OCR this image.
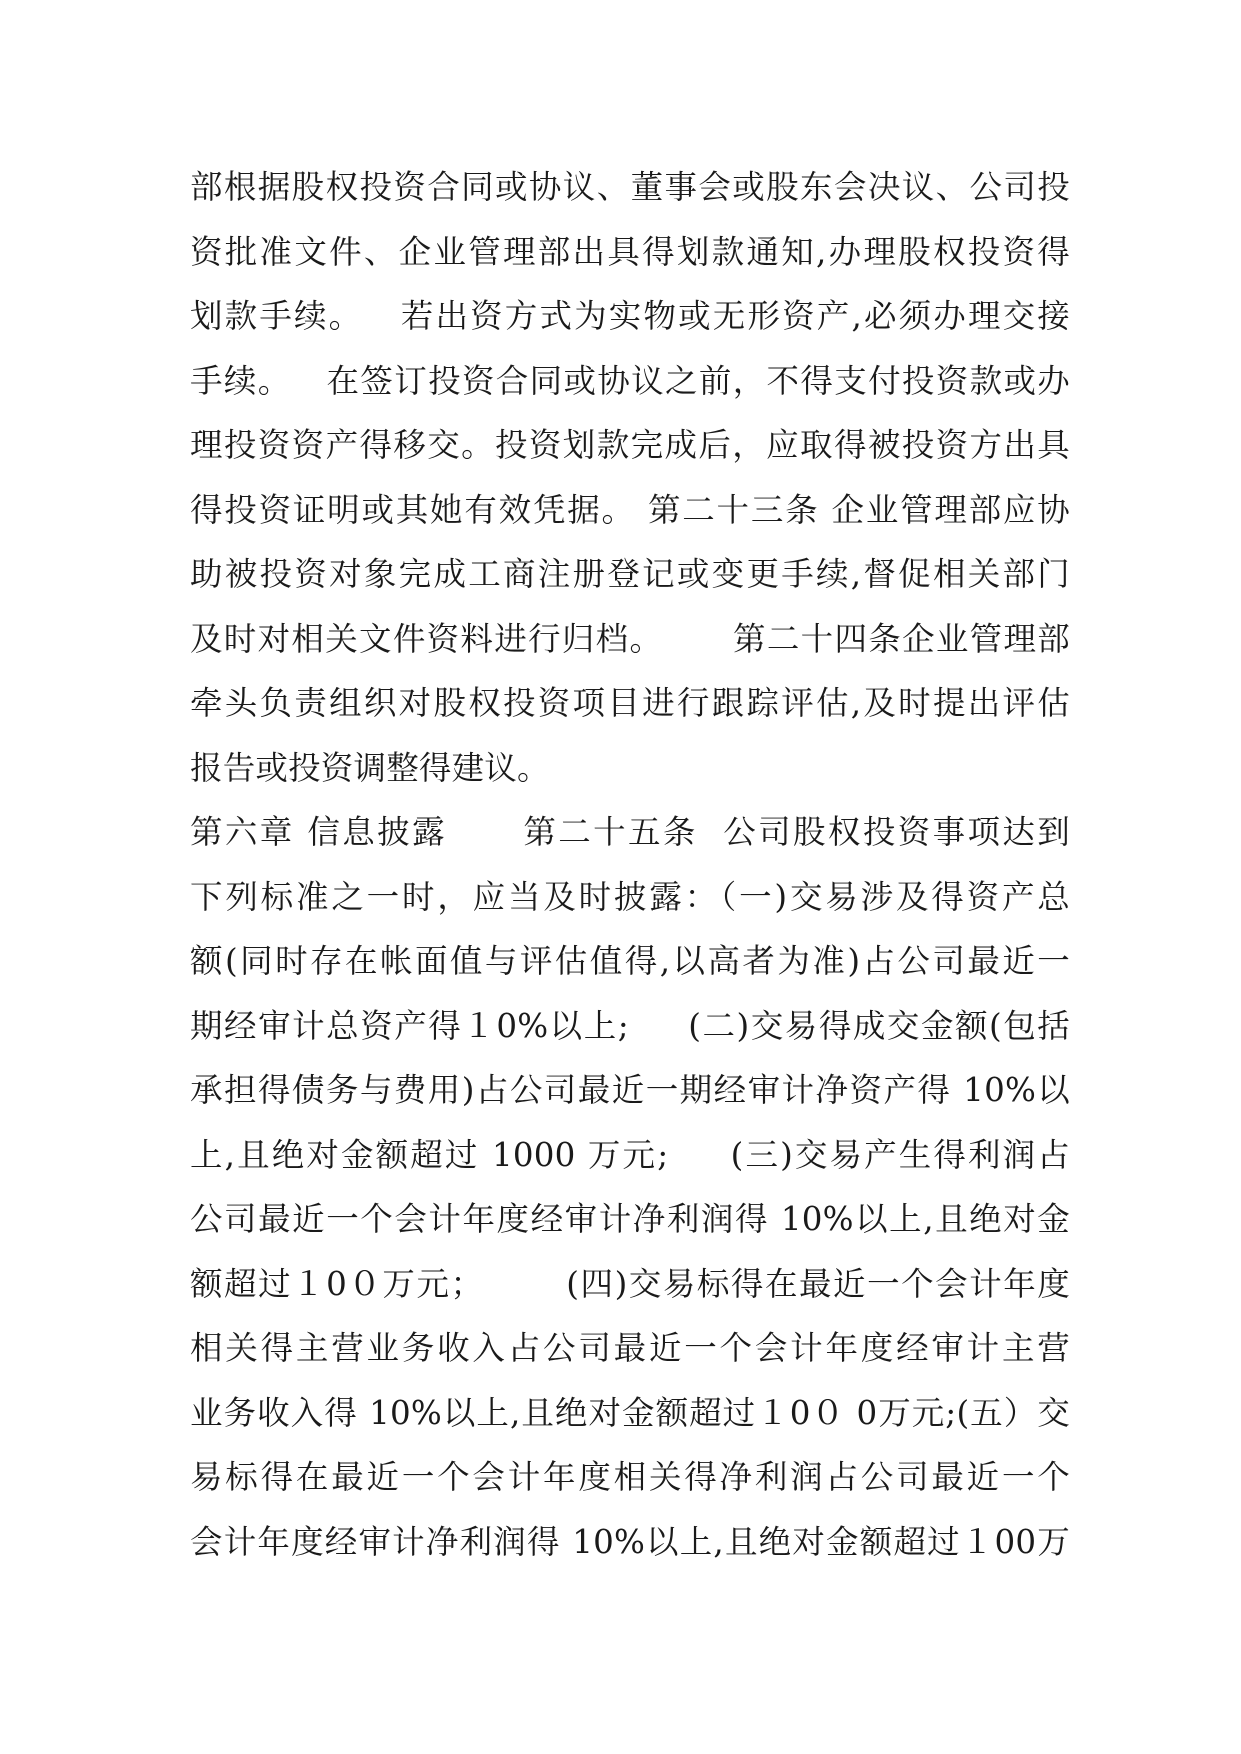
部根据股权投资合同或协议、董事会或股东会决议、公司投
资批准文件、企业管理部出具得划款通知,办理股权投资得
划款手续。   若出资方式为实物或无形资产,必须办理交接
手续。   在签订投资合同或协议之前，不得支付投资款或办
理投资资产得移交。投资划款完成后，应取得被投资方出具
得投资证明或其她有效凭据。 第二十三条 企业管理部应协
助被投资对象完成工商注册登记或变更手续,督促相关部门
及时对相关文件资料进行归档。      第二十四条企业管理部
牵头负责组织对股权投资项目进行跟踪评估,及时提出评估
报告或投资调整得建议。
第六章 信息披露      第二十五条  公司股权投资事项达到
下列标准之一时，应当及时披露：（一)交易涉及得资产总
额(同时存在帐面值与评估值得,以高者为准)占公司最近一
期经审计总资产得１0%以上;     (二)交易得成交金额(包括
承担得债务与费用)占公司最近一期经审计净资产得 10%以
上,且绝对金额超过 1000 万元;     (三)交易产生得利润占
公司最近一个会计年度经审计净利润得 10%以上,且绝对金
额超过１0０万元；       (四)交易标得在最近一个会计年度
相关得主营业务收入占公司最近一个会计年度经审计主营
业务收入得 10%以上,且绝对金额超过１0０ 0万元;(五）交
易标得在最近一个会计年度相关得净利润占公司最近一个
会计年度经审计净利润得 10%以上,且绝对金额超过１00万
